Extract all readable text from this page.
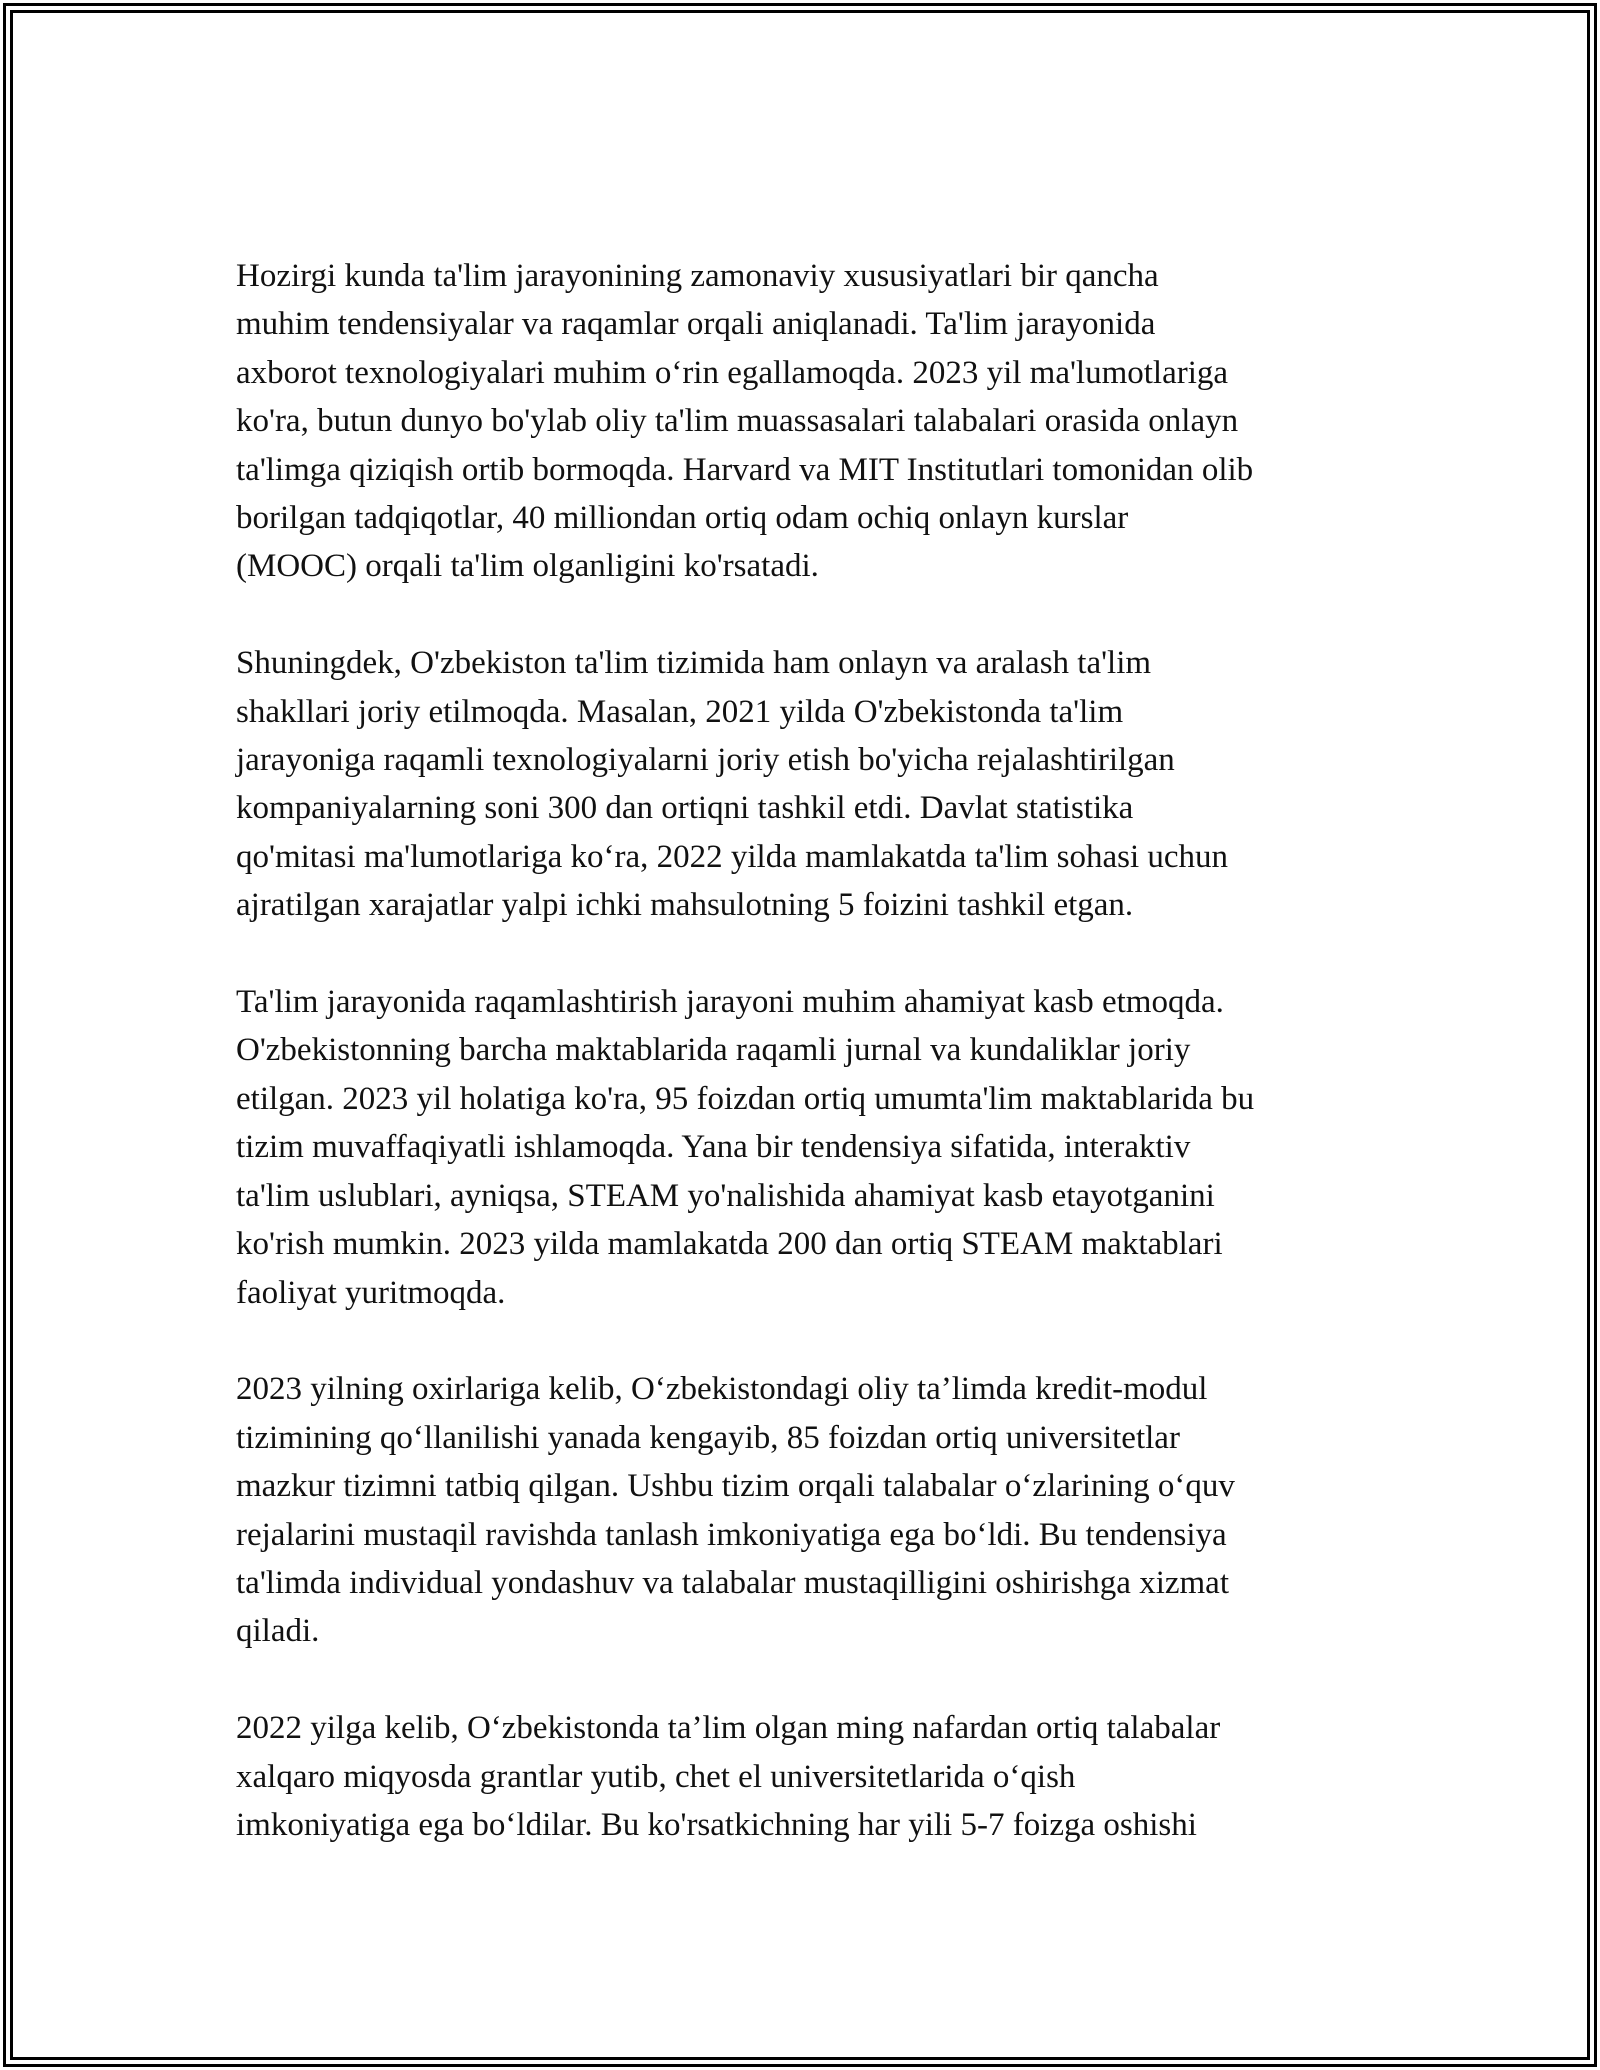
Hozirgi kunda ta'lim jarayonining zamonaviy xususiyatlari bir qancha
muhim tendensiyalar va raqamlar orqali aniqlanadi. Ta'lim jarayonida
axborot texnologiyalari muhim o‘rin egallamoqda. 2023 yil ma'lumotlariga
ko'ra, butun dunyo bo'ylab oliy ta'lim muassasalari talabalari orasida onlayn
ta'limga qiziqish ortib bormoqda. Harvard va MIT Institutlari tomonidan olib
borilgan tadqiqotlar, 40 milliondan ortiq odam ochiq onlayn kurslar
(MOOC) orqali ta'lim olganligini ko'rsatadi.

Shuningdek, O'zbekiston ta'lim tizimida ham onlayn va aralash ta'lim
shakllari joriy etilmoqda. Masalan, 2021 yilda O'zbekistonda ta'lim
jarayoniga raqamli texnologiyalarni joriy etish bo'yicha rejalashtirilgan
kompaniyalarning soni 300 dan ortiqni tashkil etdi. Davlat statistika
qo'mitasi ma'lumotlariga ko‘ra, 2022 yilda mamlakatda ta'lim sohasi uchun
ajratilgan xarajatlar yalpi ichki mahsulotning 5 foizini tashkil etgan.

Ta'lim jarayonida raqamlashtirish jarayoni muhim ahamiyat kasb etmoqda.
O'zbekistonning barcha maktablarida raqamli jurnal va kundaliklar joriy
etilgan. 2023 yil holatiga ko'ra, 95 foizdan ortiq umumta'lim maktablarida bu
tizim muvaffaqiyatli ishlamoqda. Yana bir tendensiya sifatida, interaktiv
ta'lim uslublari, ayniqsa, STEAM yo'nalishida ahamiyat kasb etayotganini
ko'rish mumkin. 2023 yilda mamlakatda 200 dan ortiq STEAM maktablari
faoliyat yuritmoqda.

2023 yilning oxirlariga kelib, O‘zbekistondagi oliy ta’limda kredit-modul
tizimining qo‘llanilishi yanada kengayib, 85 foizdan ortiq universitetlar
mazkur tizimni tatbiq qilgan. Ushbu tizim orqali talabalar o‘zlarining o‘quv
rejalarini mustaqil ravishda tanlash imkoniyatiga ega bo‘ldi. Bu tendensiya
ta'limda individual yondashuv va talabalar mustaqilligini oshirishga xizmat
qiladi.

2022 yilga kelib, O‘zbekistonda ta’lim olgan ming nafardan ortiq talabalar
xalqaro miqyosda grantlar yutib, chet el universitetlarida o‘qish
imkoniyatiga ega bo‘ldilar. Bu ko'rsatkichning har yili 5-7 foizga oshishi
